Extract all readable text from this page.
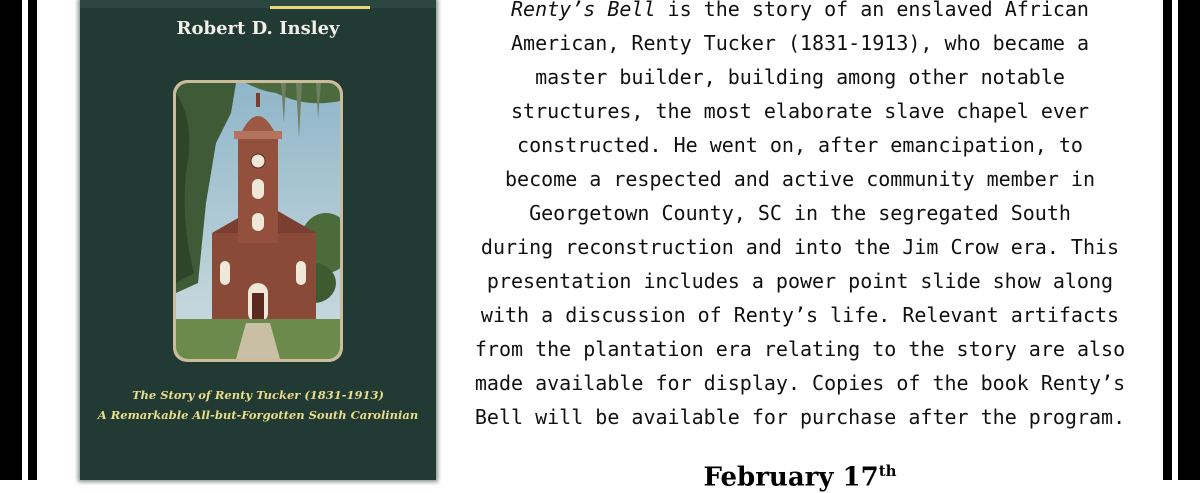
Robert D. Insley
The Story of Renty Tucker (1831-1913)
A Remarkable All-but-Forgotten South Carolinian
Renty’s Bell is the story of an enslaved African
American, Renty Tucker (1831-1913), who became a
master builder, building among other notable
structures, the most elaborate slave chapel ever
constructed. He went on, after emancipation, to
become a respected and active community member in
Georgetown County, SC in the segregated South
during reconstruction and into the Jim Crow era. This
presentation includes a power point slide show along
with a discussion of Renty’s life. Relevant artifacts
from the plantation era relating to the story are also
made available for display. Copies of the book Renty’s
Bell will be available for purchase after the program.
February 17th
